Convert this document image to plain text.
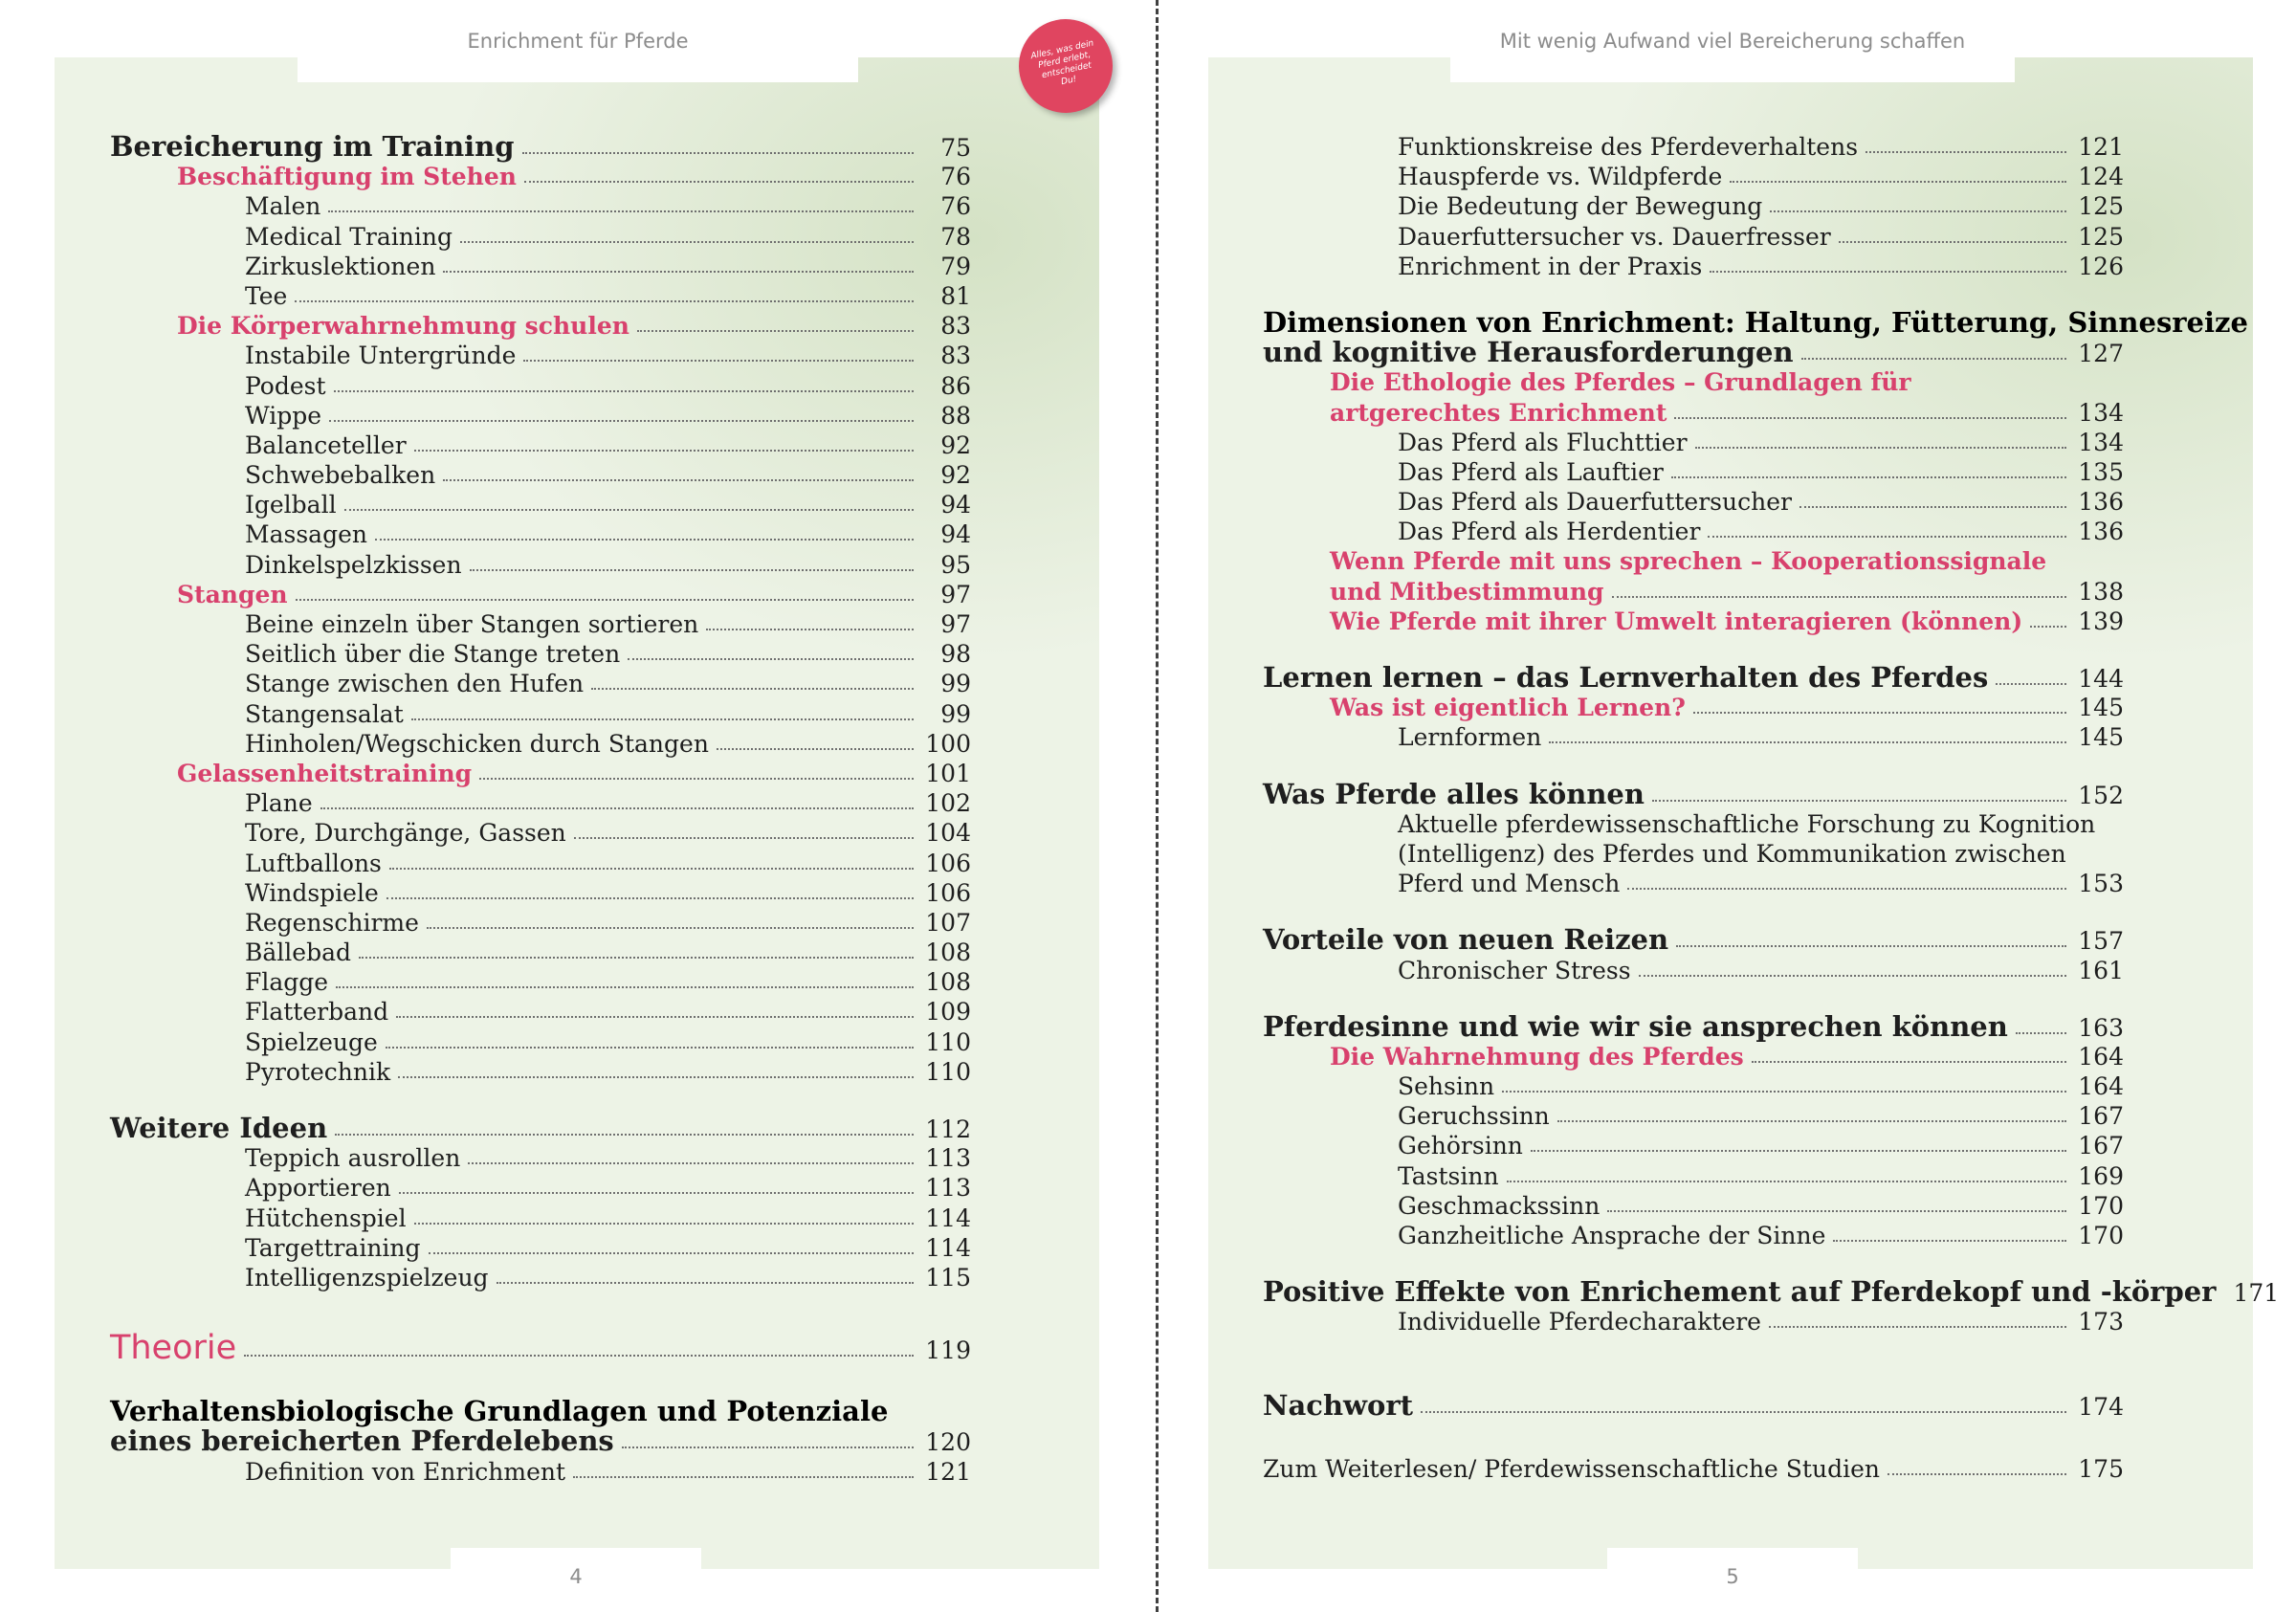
Enrichment für Pferde	Mit wenig Aufwand viel Bereicherung schaffen
Alles, was dein Pferd erlebt, entscheidet Du!
Bereicherung im Training	75
Beschäftigung im Stehen	76
Malen	76
Medical Training	78
Zirkuslektionen	79
Tee	81
Die Körperwahrnehmung schulen	83
Instabile Untergründe	83
Podest	86
Wippe	88
Balanceteller	92
Schwebebalken	92
Igelball	94
Massagen	94
Dinkelspelzkissen	95
Stangen	97
Beine einzeln über Stangen sortieren	97
Seitlich über die Stange treten	98
Stange zwischen den Hufen	99
Stangensalat	99
Hinholen/Wegschicken durch Stangen	100
Gelassenheitstraining	101
Plane	102
Tore, Durchgänge, Gassen	104
Luftballons	106
Windspiele	106
Regenschirme	107
Bällebad	108
Flagge	108
Flatterband	109
Spielzeuge	110
Pyrotechnik	110
Weitere Ideen	112
Teppich ausrollen	113
Apportieren	113
Hütchenspiel	114
Targettraining	114
Intelligenzspielzeug	115
Theorie	119
Verhaltensbiologische Grundlagen und Potenziale
eines bereicherten Pferdelebens	120
Definition von Enrichment	121
Funktionskreise des Pferdeverhaltens	121
Hauspferde vs. Wildpferde	124
Die Bedeutung der Bewegung	125
Dauerfuttersucher vs. Dauerfresser	125
Enrichment in der Praxis	126
Dimensionen von Enrichment: Haltung, Fütterung, Sinnesreize
und kognitive Herausforderungen	127
Die Ethologie des Pferdes – Grundlagen für
artgerechtes Enrichment	134
Das Pferd als Fluchttier	134
Das Pferd als Lauftier	135
Das Pferd als Dauerfuttersucher	136
Das Pferd als Herdentier	136
Wenn Pferde mit uns sprechen – Kooperationssignale
und Mitbestimmung	138
Wie Pferde mit ihrer Umwelt interagieren (können) 139
Lernen lernen – das Lernverhalten des Pferdes	144
Was ist eigentlich Lernen?	145
Lernformen	145
Was Pferde alles können	152
Aktuelle pferdewissenschaftliche Forschung zu Kognition
(Intelligenz) des Pferdes und Kommunikation zwischen
Pferd und Mensch	153
Vorteile von neuen Reizen	157
Chronischer Stress	161
Pferdesinne und wie wir sie ansprechen können	163
Die Wahrnehmung des Pferdes	164
Sehsinn	164
Geruchssinn	167
Gehörsinn	167
Tastsinn	169
Geschmackssinn	170
Ganzheitliche Ansprache der Sinne	170
Positive Effekte von Enrichement auf Pferdekopf und -körper 171
Individuelle Pferdecharaktere	173
Nachwort	174
Zum Weiterlesen/ Pferdewissenschaftliche Studien	175
4	5
